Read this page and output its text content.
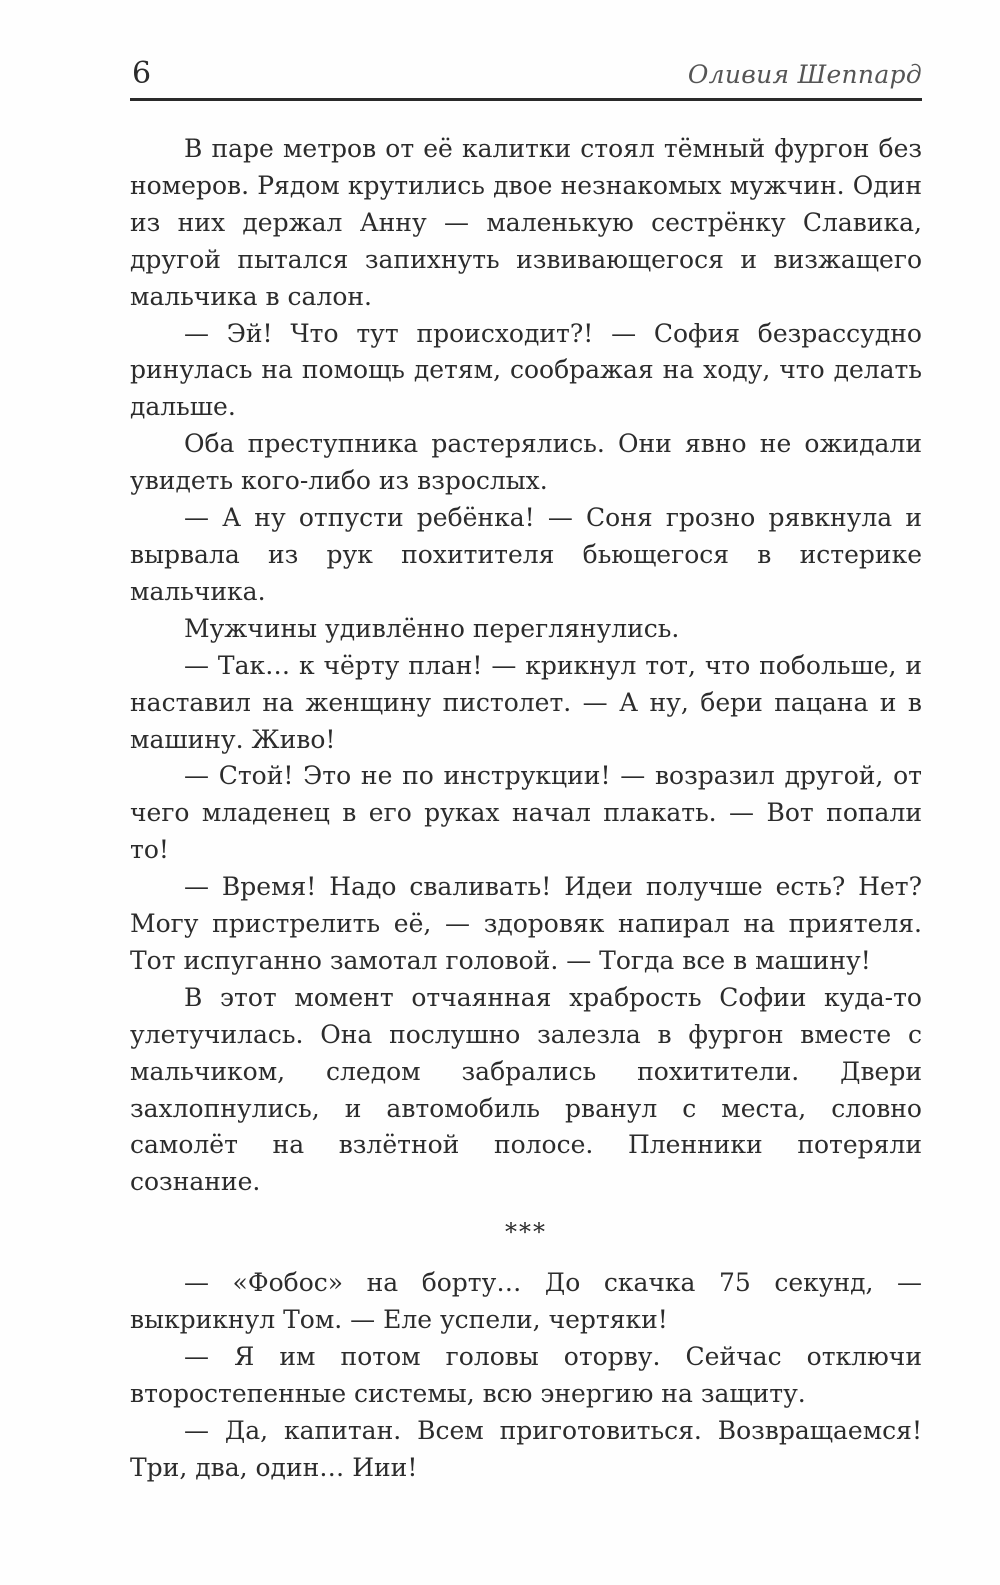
6	Оливия Шеппард

В паре метров от её калитки стоял тёмный фургон без номеров. Рядом крутились двое незнакомых мужчин. Один из них держал Анну — маленькую сестрёнку Славика, другой пытался запихнуть извивающегося и визжащего мальчика в салон.

— Эй! Что тут происходит?! — София безрассудно ринулась на помощь детям, соображая на ходу, что делать дальше.

Оба преступника растерялись. Они явно не ожидали увидеть кого-либо из взрослых.

— А ну отпусти ребёнка! — Соня грозно рявкнула и вырвала из рук похитителя бьющегося в истерике мальчика.

Мужчины удивлённо переглянулись.

— Так… к чёрту план! — крикнул тот, что побольше, и наставил на женщину пистолет. — А ну, бери пацана и в машину. Живо!

— Стой! Это не по инструкции! — возразил другой, от чего младенец в его руках начал плакать. — Вот попали то!

— Время! Надо сваливать! Идеи получше есть? Нет? Могу пристрелить её, — здоровяк напирал на приятеля. Тот испуганно замотал головой. — Тогда все в машину!

В этот момент отчаянная храбрость Софии куда-то улетучилась. Она послушно залезла в фургон вместе с мальчиком, следом забрались похитители. Двери захлопнулись, и автомобиль рванул с места, словно самолёт на взлётной полосе. Пленники потеряли сознание.

***

— «Фобос» на борту… До скачка 75 секунд, — выкрикнул Том. — Еле успели, чертяки!

— Я им потом головы оторву. Сейчас отключи второстепенные системы, всю энергию на защиту.

— Да, капитан. Всем приготовиться. Возвращаемся! Три, два, один… Иии!
